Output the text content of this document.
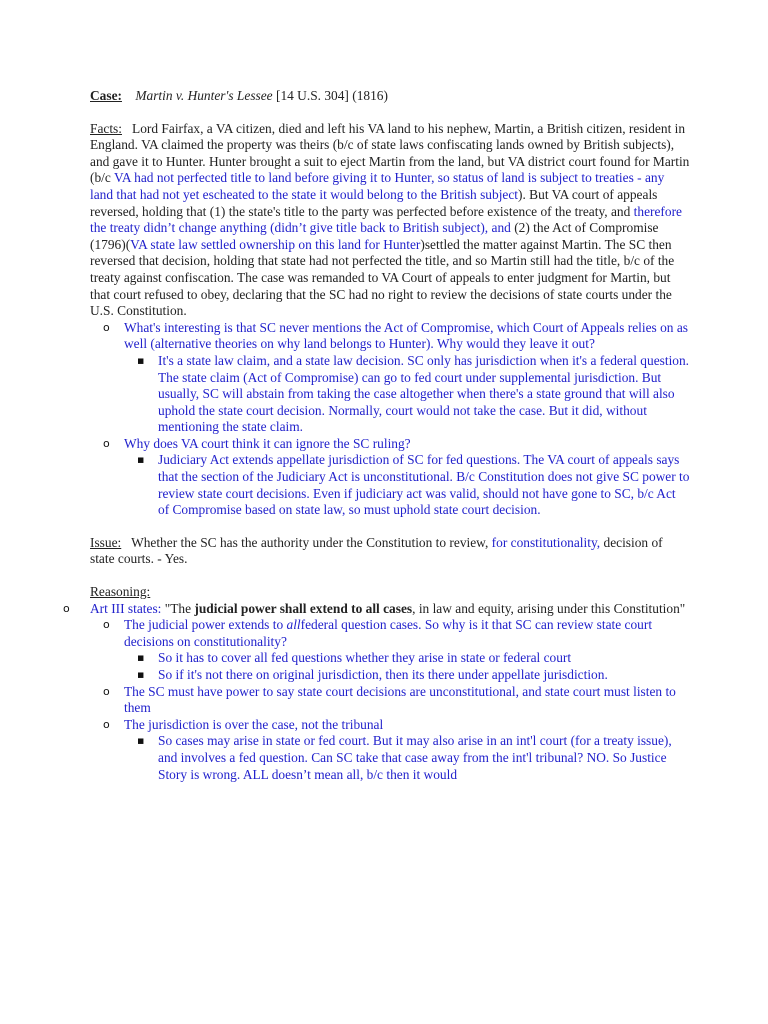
Case: Martin v. Hunter's Lessee [14 U.S. 304] (1816)

Facts: Lord Fairfax, a VA citizen, died and left his VA land to his nephew, Martin, a British citizen, resident in England. VA claimed the property was theirs (b/c of state laws confiscating lands owned by British subjects), and gave it to Hunter. Hunter brought a suit to eject Martin from the land, but VA district court found for Martin (b/c VA had not perfected title to land before giving it to Hunter, so status of land is subject to treaties - any land that had not yet escheated to the state it would belong to the British subject). But VA court of appeals reversed, holding that (1) the state's title to the party was perfected before existence of the treaty, and therefore the treaty didn’t change anything (didn’t give title back to British subject), and (2) the Act of Compromise (1796)(VA state law settled ownership on this land for Hunter)settled the matter against Martin. The SC then reversed that decision, holding that state had not perfected the title, and so Martin still had the title, b/c of the treaty against confiscation. The case was remanded to VA Court of appeals to enter judgment for Martin, but that court refused to obey, declaring that the SC had no right to review the decisions of state courts under the U.S. Constitution.

o What's interesting is that SC never mentions the Act of Compromise, which Court of Appeals relies on as well (alternative theories on why land belongs to Hunter). Why would they leave it out?
▪ It's a state law claim, and a state law decision. SC only has jurisdiction when it's a federal question. The state claim (Act of Compromise) can go to fed court under supplemental jurisdiction. But usually, SC will abstain from taking the case altogether when there's a state ground that will also uphold the state court decision. Normally, court would not take the case. But it did, without mentioning the state claim.
o Why does VA court think it can ignore the SC ruling?
▪ Judiciary Act extends appellate jurisdiction of SC for fed questions. The VA court of appeals says that the section of the Judiciary Act is unconstitutional. B/c Constitution does not give SC power to review state court decisions. Even if judiciary act was valid, should not have gone to SC, b/c Act of Compromise based on state law, so must uphold state court decision.

Issue: Whether the SC has the authority under the Constitution to review, for constitutionality, decision of state courts. - Yes.

Reasoning:

o Art III states: "The judicial power shall extend to all cases, in law and equity, arising under this Constitution"
o The judicial power extends to allfederal question cases. So why is it that SC can review state court decisions on constitutionality?
▪ So it has to cover all fed questions whether they arise in state or federal court
▪ So if it's not there on original jurisdiction, then its there under appellate jurisdiction.
o The SC must have power to say state court decisions are unconstitutional, and state court must listen to them
o The jurisdiction is over the case, not the tribunal
▪ So cases may arise in state or fed court. But it may also arise in an int'l court (for a treaty issue), and involves a fed question. Can SC take that case away from the int'l tribunal? NO. So Justice Story is wrong. ALL doesn’t mean all, b/c then it would
